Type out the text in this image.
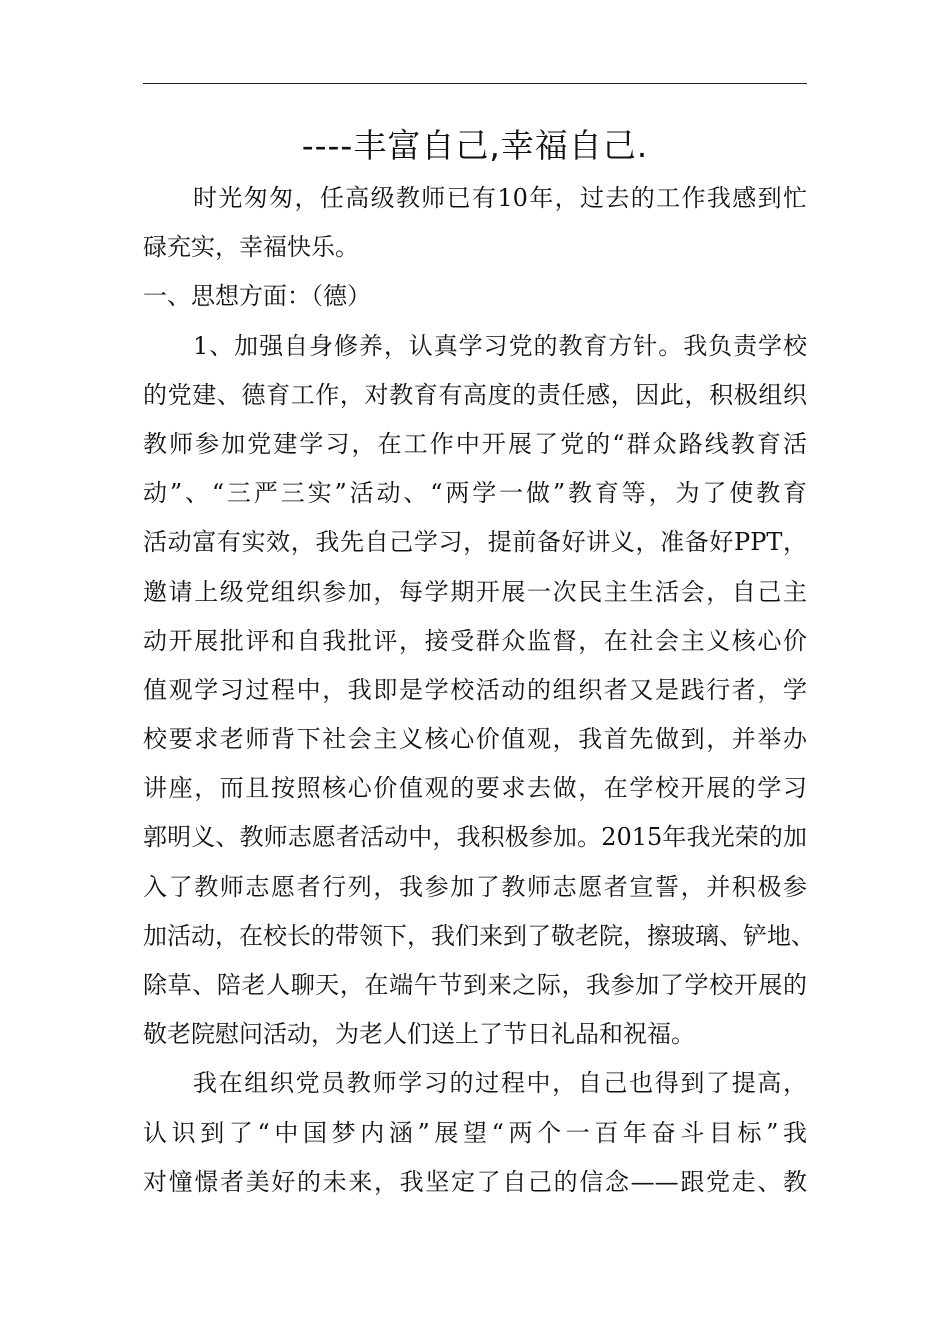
----丰富自己,幸福自己.
时光匆匆，任高级教师已有10年，过去的工作我感到忙
碌充实，幸福快乐。
一、思想方面：（德）
1、加强自身修养，认真学习党的教育方针。我负责学校
的党建、德育工作，对教育有高度的责任感，因此，积极组织
教师参加党建学习，在工作中开展了党的“群众路线教育活
动”、“三严三实”活动、“两学一做”教育等，为了使教育
活动富有实效，我先自己学习，提前备好讲义，准备好PPT，
邀请上级党组织参加，每学期开展一次民主生活会，自己主
动开展批评和自我批评，接受群众监督，在社会主义核心价
值观学习过程中，我即是学校活动的组织者又是践行者，学
校要求老师背下社会主义核心价值观，我首先做到，并举办
讲座，而且按照核心价值观的要求去做，在学校开展的学习
郭明义、教师志愿者活动中，我积极参加。2015年我光荣的加
入了教师志愿者行列，我参加了教师志愿者宣誓，并积极参
加活动，在校长的带领下，我们来到了敬老院，擦玻璃、铲地、
除草、陪老人聊天，在端午节到来之际，我参加了学校开展的
敬老院慰问活动，为老人们送上了节日礼品和祝福。
我在组织党员教师学习的过程中，自己也得到了提高，
认识到了“中国梦内涵”展望“两个一百年奋斗目标”我
对憧憬者美好的未来，我坚定了自己的信念——跟党走、教
